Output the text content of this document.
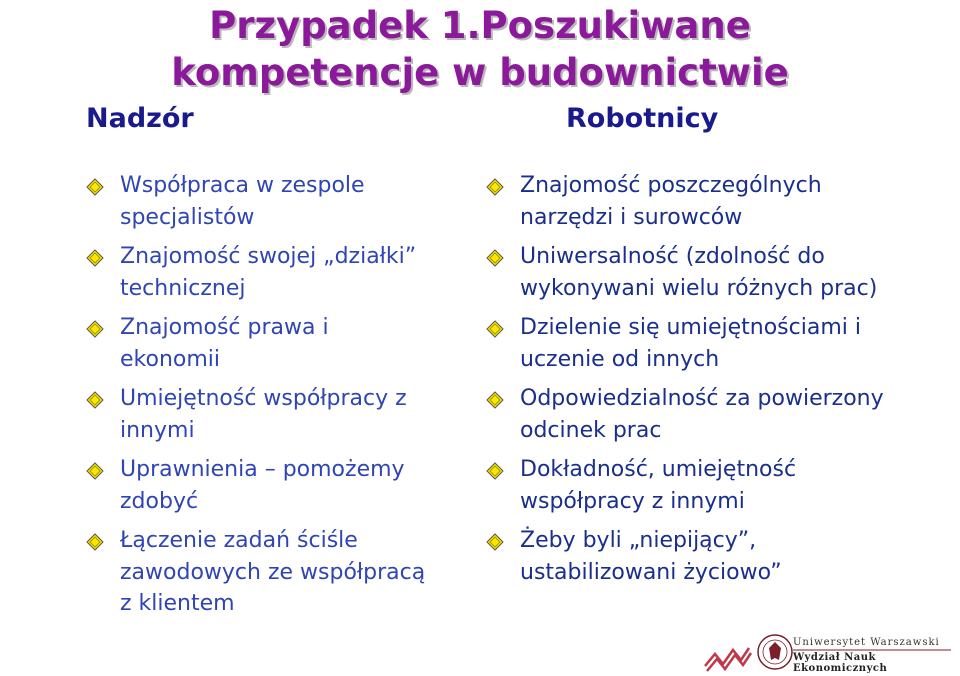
Przypadek 1.Poszukiwane
kompetencje w budownictwie
Nadzór	Robotnicy
Współpraca w zespole
specjalistów
Znajomość swojej „działki”
technicznej
Znajomość prawa i
ekonomii
Umiejętność współpracy z
innymi
Uprawnienia – pomożemy
zdobyć
Łączenie zadań ściśle
zawodowych ze współpracą
z klientem
Znajomość poszczególnych
narzędzi i surowców
Uniwersalność (zdolność do
wykonywani wielu różnych prac)
Dzielenie się umiejętnościami i
uczenie od innych
Odpowiedzialność za powierzony
odcinek prac
Dokładność, umiejętność
współpracy z innymi
Żeby byli „niepijący”,
ustabilizowani życiowo”
Uniwersytet Warszawski
Wydział Nauk Ekonomicznych
